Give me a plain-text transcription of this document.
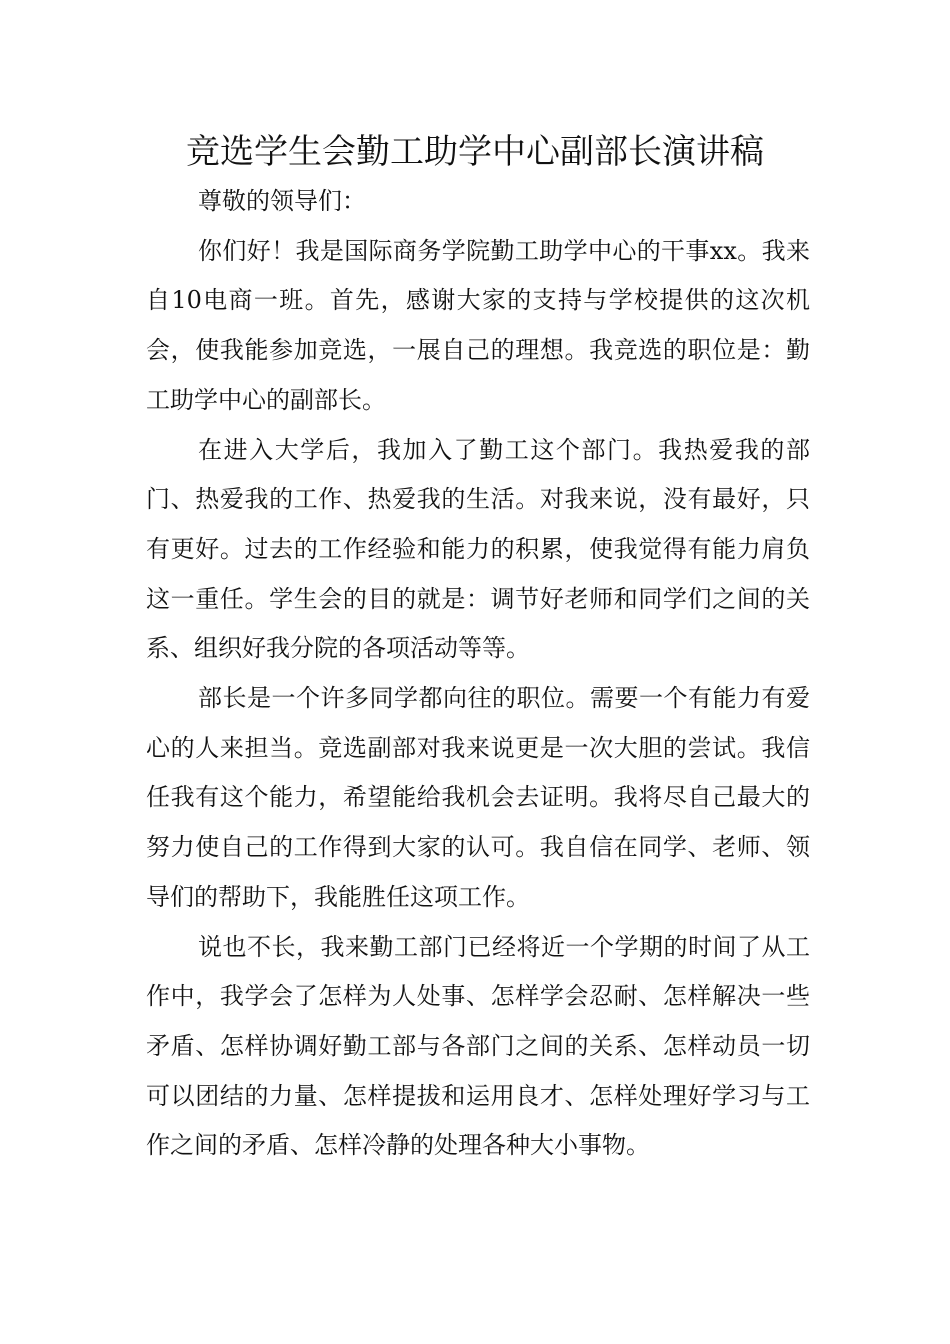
竞选学生会勤工助学中心副部长演讲稿

尊敬的领导们：

你们好！我是国际商务学院勤工助学中心的干事xx。我来自10电商一班。首先，感谢大家的支持与学校提供的这次机会，使我能参加竞选，一展自己的理想。我竞选的职位是：勤工助学中心的副部长。

在进入大学后，我加入了勤工这个部门。我热爱我的部门、热爱我的工作、热爱我的生活。对我来说，没有最好，只有更好。过去的工作经验和能力的积累，使我觉得有能力肩负这一重任。学生会的目的就是：调节好老师和同学们之间的关系、组织好我分院的各项活动等等。

部长是一个许多同学都向往的职位。需要一个有能力有爱心的人来担当。竞选副部对我来说更是一次大胆的尝试。我信任我有这个能力，希望能给我机会去证明。我将尽自己最大的努力使自己的工作得到大家的认可。我自信在同学、老师、领导们的帮助下，我能胜任这项工作。

说也不长，我来勤工部门已经将近一个学期的时间了从工作中，我学会了怎样为人处事、怎样学会忍耐、怎样解决一些矛盾、怎样协调好勤工部与各部门之间的关系、怎样动员一切可以团结的力量、怎样提拔和运用良才、怎样处理好学习与工作之间的矛盾、怎样冷静的处理各种大小事物。
